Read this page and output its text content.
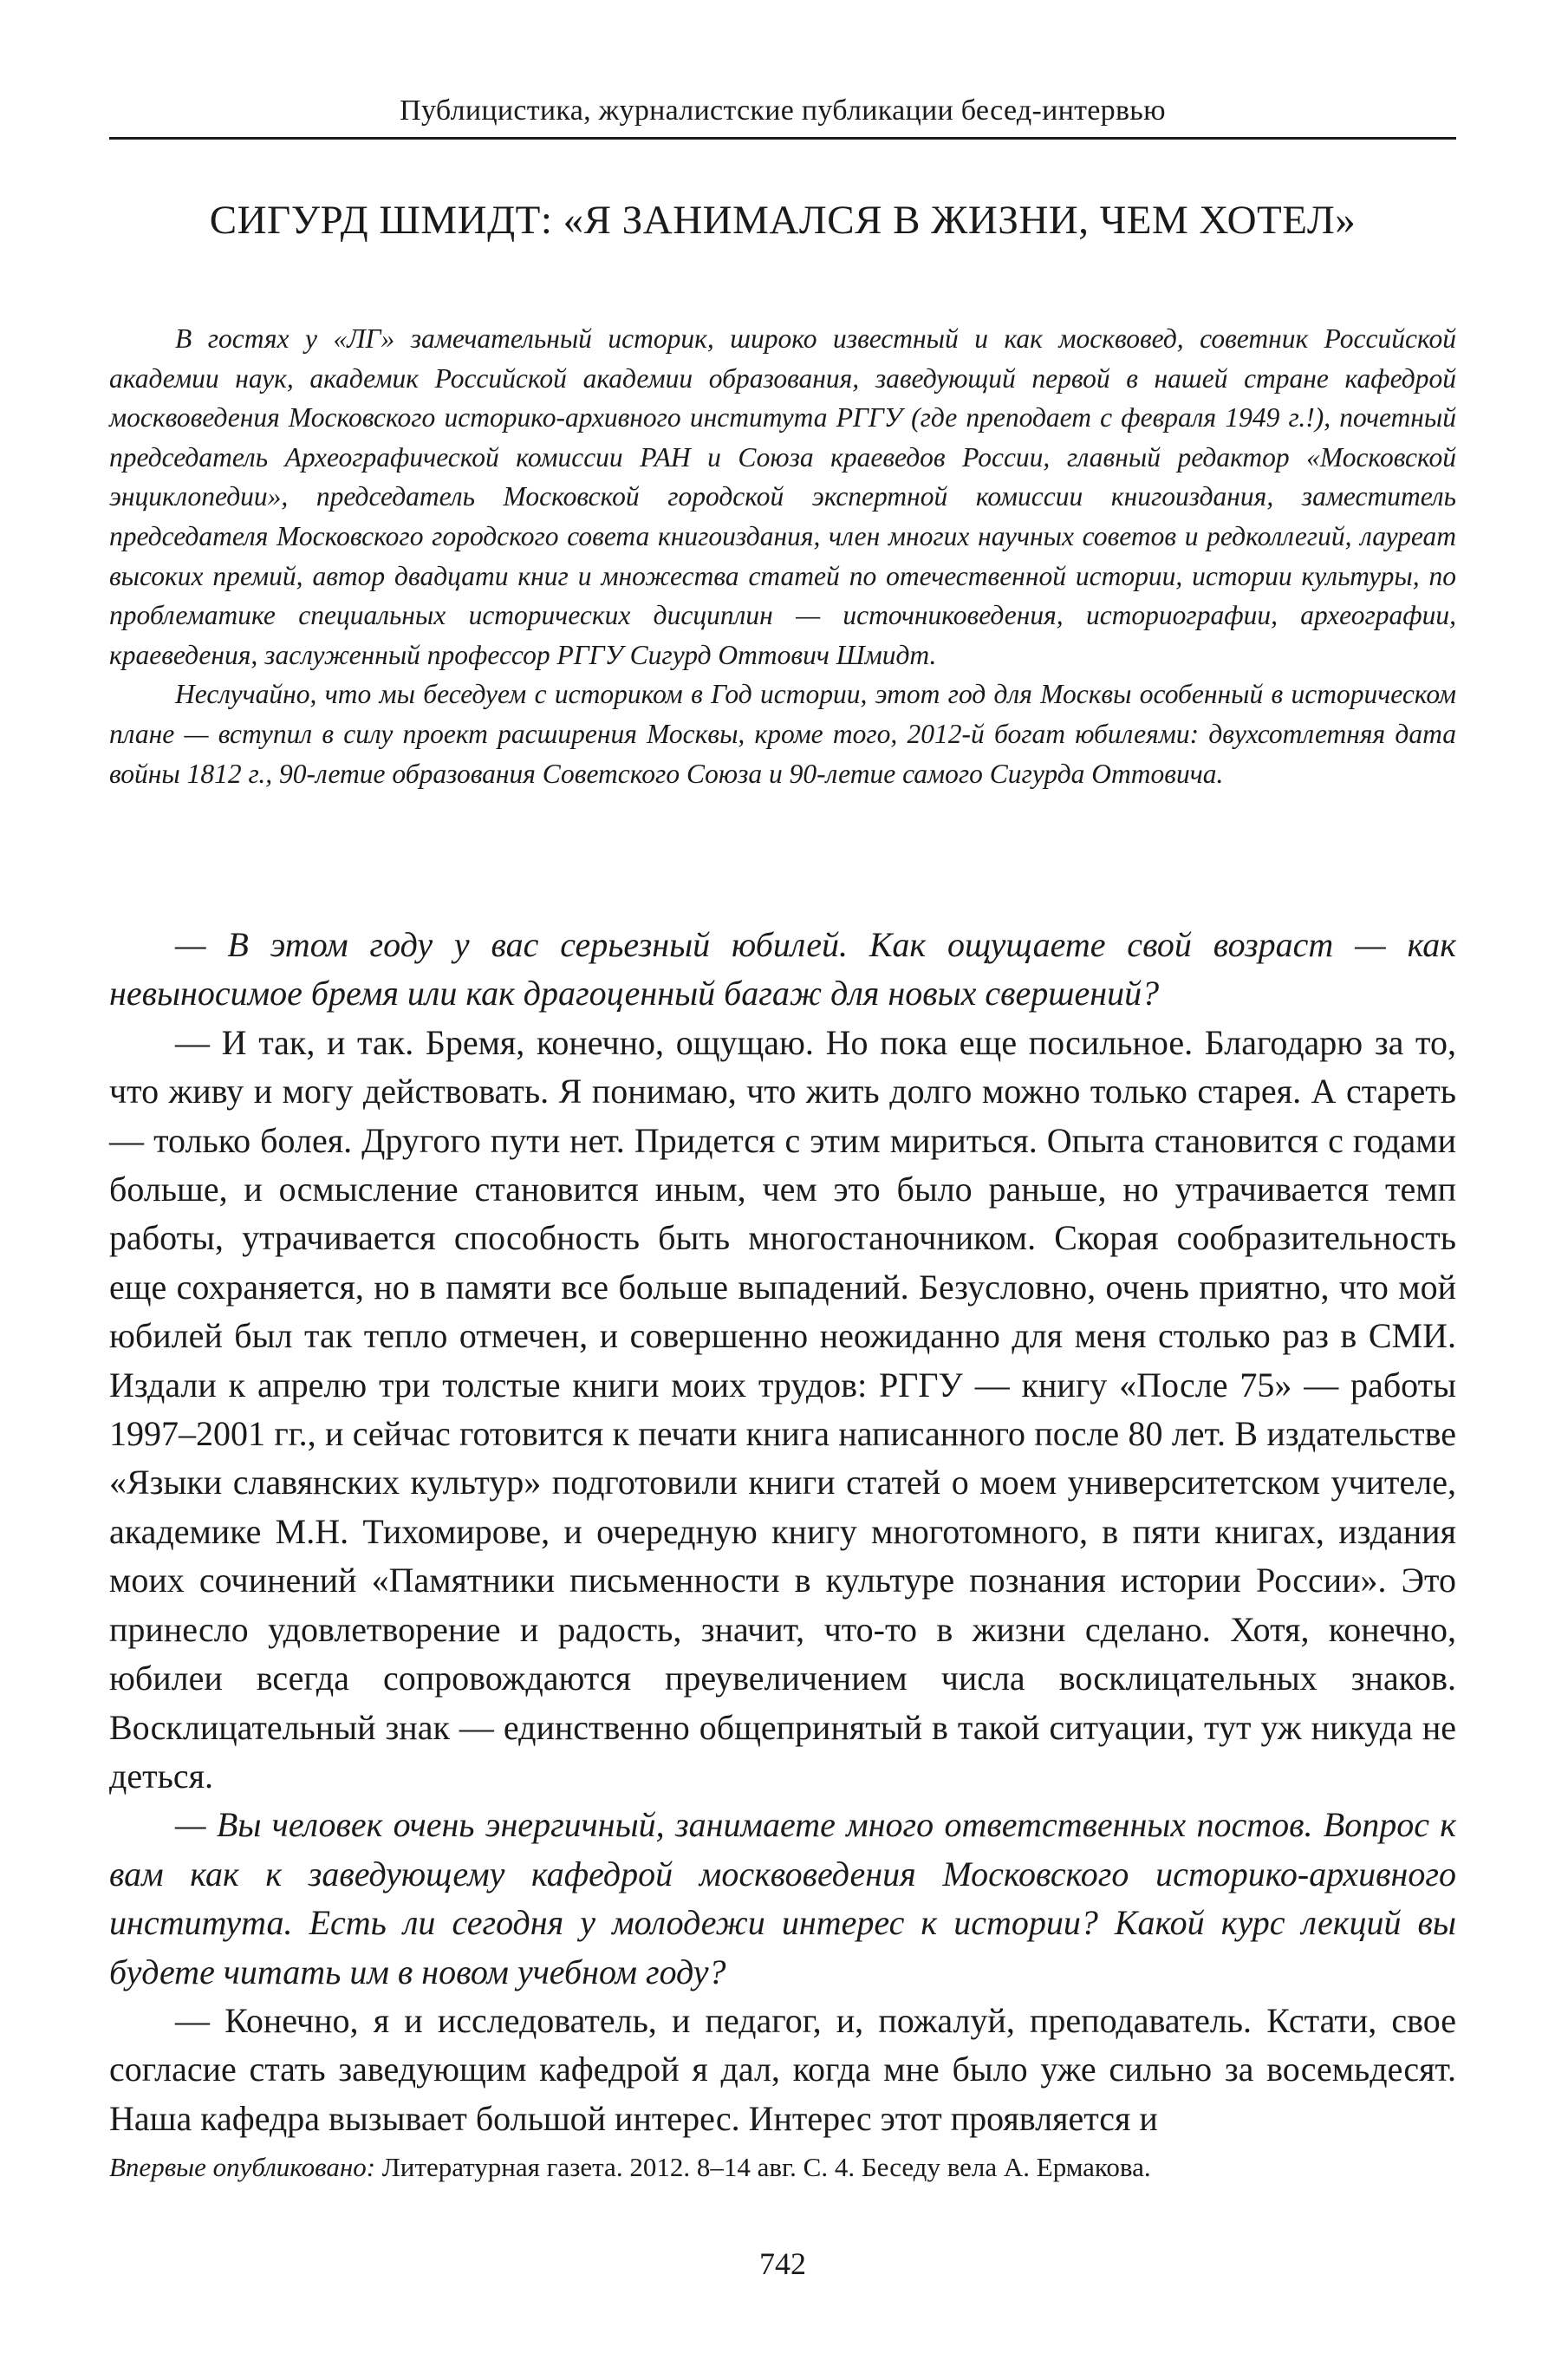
Публицистика, журналистские публикации бесед-интервью
СИГУРД ШМИДТ: «Я ЗАНИМАЛСЯ В ЖИЗНИ, ЧЕМ ХОТЕЛ»

В гостях у «ЛГ» замечательный историк, широко известный и как москвовед, советник Российской академии наук, академик Российской академии образования, заведующий первой в нашей стране кафедрой москвоведения Московского историко-архивного института РГГУ (где преподает с февраля 1949 г.!), почетный председатель Археографической комиссии РАН и Союза краеведов России, главный редактор «Московской энциклопедии», председатель Московской городской экспертной комиссии книгоиздания, заместитель председателя Московского городского совета книгоиздания, член многих научных советов и редколлегий, лауреат высоких премий, автор двадцати книг и множества статей по отечественной истории, истории культуры, по проблематике специальных исторических дисциплин — источниковедения, историографии, археографии, краеведения, заслуженный профессор РГГУ Сигурд Оттович Шмидт.

Неслучайно, что мы беседуем с историком в Год истории, этот год для Москвы особенный в историческом плане — вступил в силу проект расширения Москвы, кроме того, 2012-й богат юбилеями: двухсотлетняя дата войны 1812 г., 90-летие образования Советского Союза и 90-летие самого Сигурда Оттовича.

— В этом году у вас серьезный юбилей. Как ощущаете свой возраст — как невыносимое бремя или как драгоценный багаж для новых свершений?

— И так, и так. Бремя, конечно, ощущаю. Но пока еще посильное. Благодарю за то, что живу и могу действовать. Я понимаю, что жить долго можно только старея. А стареть — только болея. Другого пути нет. Придется с этим мириться. Опыта становится с годами больше, и осмысление становится иным, чем это было раньше, но утрачивается темп работы, утрачивается способность быть многостаночником. Скорая сообразительность еще сохраняется, но в памяти все больше выпадений. Безусловно, очень приятно, что мой юбилей был так тепло отмечен, и совершенно неожиданно для меня столько раз в СМИ. Издали к апрелю три толстые книги моих трудов: РГГУ — книгу «После 75» — работы 1997–2001 гг., и сейчас готовится к печати книга написанного после 80 лет. В издательстве «Языки славянских культур» подготовили книги статей о моем университетском учителе, академике М.Н. Тихомирове, и очередную книгу многотомного, в пяти книгах, издания моих сочинений «Памятники письменности в культуре познания истории России». Это принесло удовлетворение и радость, значит, что-то в жизни сделано. Хотя, конечно, юбилеи всегда сопровождаются преувеличением числа восклицательных знаков. Восклицательный знак — единственно общепринятый в такой ситуации, тут уж никуда не деться.

— Вы человек очень энергичный, занимаете много ответственных постов. Вопрос к вам как к заведующему кафедрой москвоведения Московского историко-архивного института. Есть ли сегодня у молодежи интерес к истории? Какой курс лекций вы будете читать им в новом учебном году?

— Конечно, я и исследователь, и педагог, и, пожалуй, преподаватель. Кстати, свое согласие стать заведующим кафедрой я дал, когда мне было уже сильно за восемьдесят. Наша кафедра вызывает большой интерес. Интерес этот проявляется и

Впервые опубликовано: Литературная газета. 2012. 8–14 авг. С. 4. Беседу вела А. Ермакова.
742
